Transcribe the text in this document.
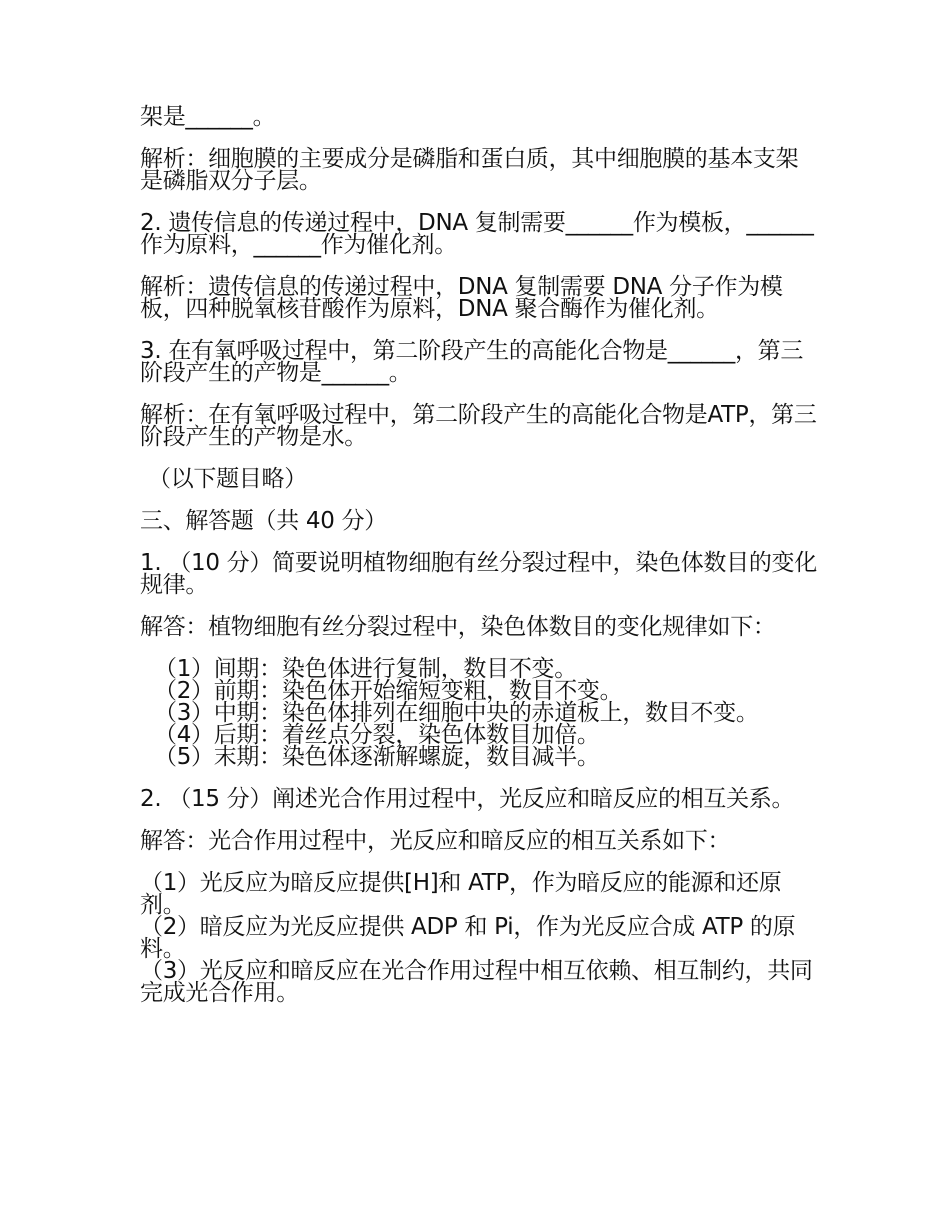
架是______。

解析：细胞膜的主要成分是磷脂和蛋白质，其中细胞膜的基本支架是磷脂双分子层。

2. 遗传信息的传递过程中，DNA 复制需要______作为模板，______作为原料，______作为催化剂。

解析：遗传信息的传递过程中，DNA 复制需要 DNA 分子作为模板，四种脱氧核苷酸作为原料，DNA 聚合酶作为催化剂。

3. 在有氧呼吸过程中，第二阶段产生的高能化合物是______，第三阶段产生的产物是______。

解析：在有氧呼吸过程中，第二阶段产生的高能化合物是ATP，第三阶段产生的产物是水。

（以下题目略）

三、解答题（共 40 分）

1. （10 分）简要说明植物细胞有丝分裂过程中，染色体数目的变化规律。

解答：植物细胞有丝分裂过程中，染色体数目的变化规律如下：

（1）间期：染色体进行复制，数目不变。
（2）前期：染色体开始缩短变粗，数目不变。
（3）中期：染色体排列在细胞中央的赤道板上，数目不变。
（4）后期：着丝点分裂，染色体数目加倍。
（5）末期：染色体逐渐解螺旋，数目减半。

2. （15 分）阐述光合作用过程中，光反应和暗反应的相互关系。

解答：光合作用过程中，光反应和暗反应的相互关系如下：

（1）光反应为暗反应提供[H]和 ATP，作为暗反应的能源和还原剂。
（2）暗反应为光反应提供 ADP 和 Pi，作为光反应合成 ATP 的原料。
（3）光反应和暗反应在光合作用过程中相互依赖、相互制约，共同完成光合作用。
